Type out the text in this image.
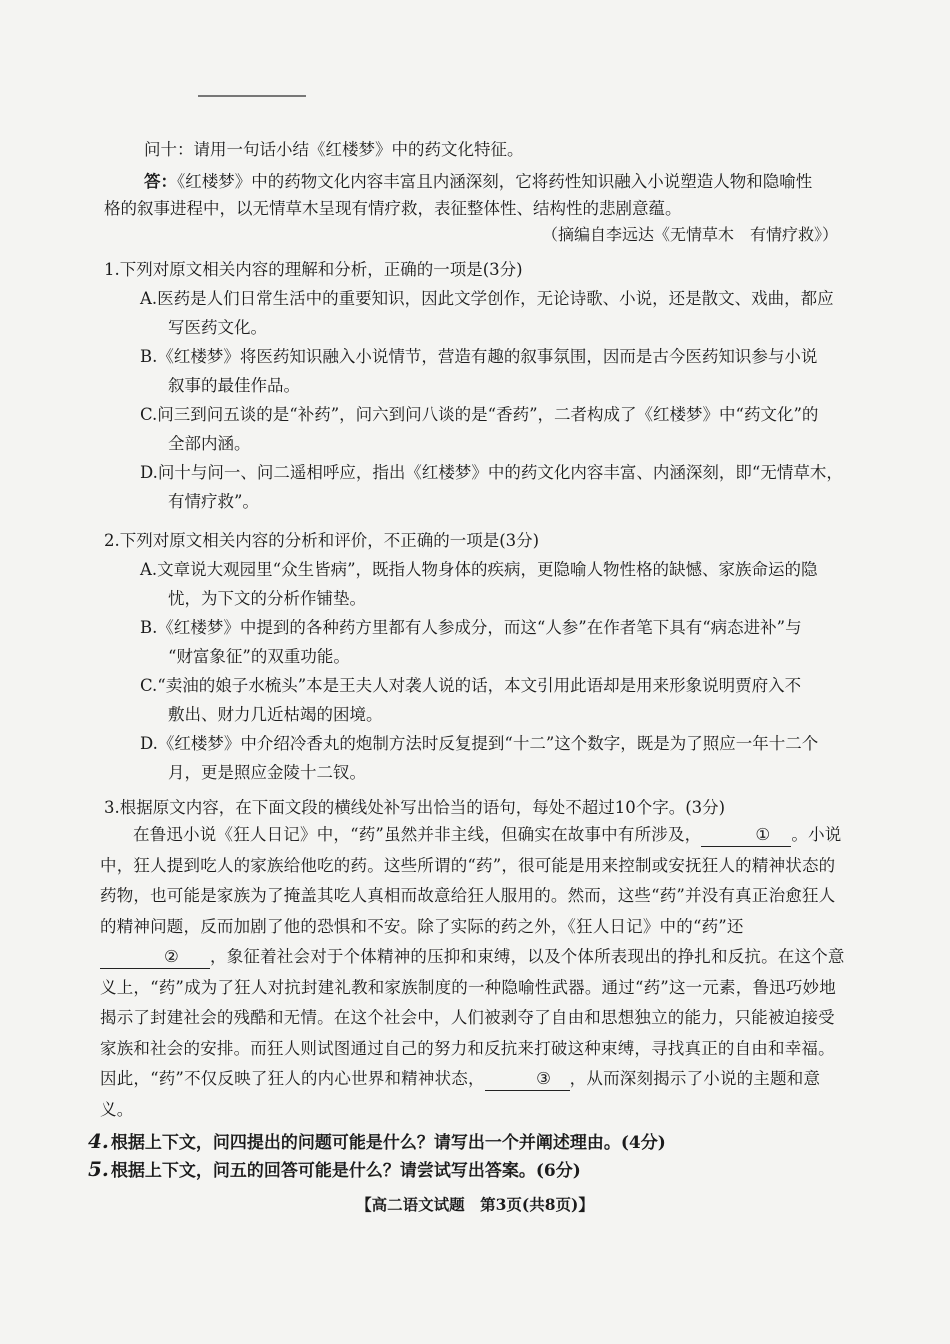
问十：请用一句话小结《红楼梦》中的药文化特征。
答：《红楼梦》中的药物文化内容丰富且内涵深刻，它将药性知识融入小说塑造人物和隐喻性
格的叙事进程中，以无情草木呈现有情疗救，表征整体性、结构性的悲剧意蕴。
（摘编自李远达《无情草木　有情疗救》）
1.下列对原文相关内容的理解和分析，正确的一项是(3分)
A.医药是人们日常生活中的重要知识，因此文学创作，无论诗歌、小说，还是散文、戏曲，都应
写医药文化。
B.《红楼梦》将医药知识融入小说情节，营造有趣的叙事氛围，因而是古今医药知识参与小说
叙事的最佳作品。
C.问三到问五谈的是“补药”，问六到问八谈的是“香药”，二者构成了《红楼梦》中“药文化”的
全部内涵。
D.问十与问一、问二遥相呼应，指出《红楼梦》中的药文化内容丰富、内涵深刻，即“无情草木，
有情疗救”。
2.下列对原文相关内容的分析和评价，不正确的一项是(3分)
A.文章说大观园里“众生皆病”，既指人物身体的疾病，更隐喻人物性格的缺憾、家族命运的隐
忧，为下文的分析作铺垫。
B.《红楼梦》中提到的各种药方里都有人参成分，而这“人参”在作者笔下具有“病态进补”与
“财富象征”的双重功能。
C.“卖油的娘子水梳头”本是王夫人对袭人说的话，本文引用此语却是用来形象说明贾府入不
敷出、财力几近枯竭的困境。
D.《红楼梦》中介绍冷香丸的炮制方法时反复提到“十二”这个数字，既是为了照应一年十二个
月，更是照应金陵十二钗。
3.根据原文内容，在下面文段的横线处补写出恰当的语句，每处不超过10个字。(3分)

在鲁迅小说《狂人日记》中，“药”虽然并非主线，但确实在故事中有所涉及，	① 。小说中，狂人提到吃人的家族给他吃的药。这些所谓的“药”，很可能是用来控制或安抚狂人的精神状态的药物，也可能是家族为了掩盖其吃人真相而故意给狂人服用的。然而，这些“药”并没有真正治愈狂人的精神问题，反而加剧了他的恐惧和不安。除了实际的药之外，《狂人日记》中的“药”还② ，象征着社会对于个体精神的压抑和束缚，以及个体所表现出的挣扎和反抗。在这个意义上，“药”成为了狂人对抗封建礼教和家族制度的一种隐喻性武器。通过“药”这一元素，鲁迅巧妙地揭示了封建社会的残酷和无情。在这个社会中，人们被剥夺了自由和思想独立的能力，只能被迫接受家族和社会的安排。而狂人则试图通过自己的努力和反抗来打破这种束缚，寻找真正的自由和幸福。因此，“药”不仅反映了狂人的内心世界和精神状态，	③ ，从而深刻揭示了小说的主题和意义。

4. 根据上下文，问四提出的问题可能是什么？请写出一个并阐述理由。(4分)
5. 根据上下文，问五的回答可能是什么？请尝试写出答案。(6分)
【高二语文试题　第3页(共8页)】
